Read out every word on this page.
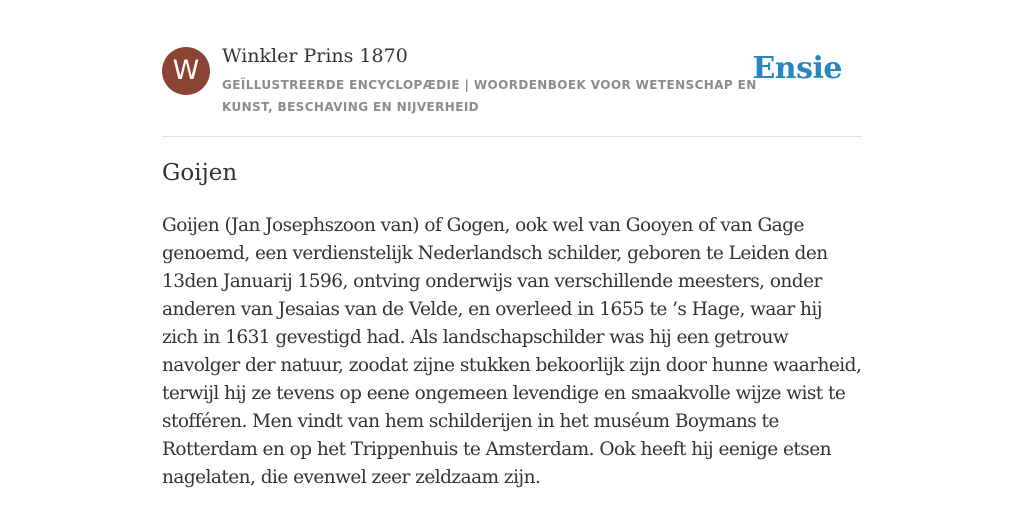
W	Winkler Prins 1870
GEÏLLUSTREERDE ENCYCLOPÆDIE | WOORDENBOEK VOOR WETENSCHAP EN KUNST, BESCHAVING EN NIJVERHEID
Ensie
Goijen

Goijen (Jan Josephszoon van) of Gogen, ook wel van Gooyen of van Gage genoemd, een verdienstelijk Nederlandsch schilder, geboren te Leiden den 13den Januarij 1596, ontving onderwijs van verschillende meesters, onder anderen van Jesaias van de Velde, en overleed in 1655 te ’s Hage, waar hij zich in 1631 gevestigd had. Als landschapschilder was hij een getrouw navolger der natuur, zoodat zijne stukken bekoorlijk zijn door hunne waarheid, terwijl hij ze tevens op eene ongemeen levendige en smaakvolle wijze wist te stofféren. Men vindt van hem schilderijen in het muséum Boymans te Rotterdam en op het Trippenhuis te Amsterdam. Ook heeft hij eenige etsen nagelaten, die evenwel zeer zeldzaam zijn.
